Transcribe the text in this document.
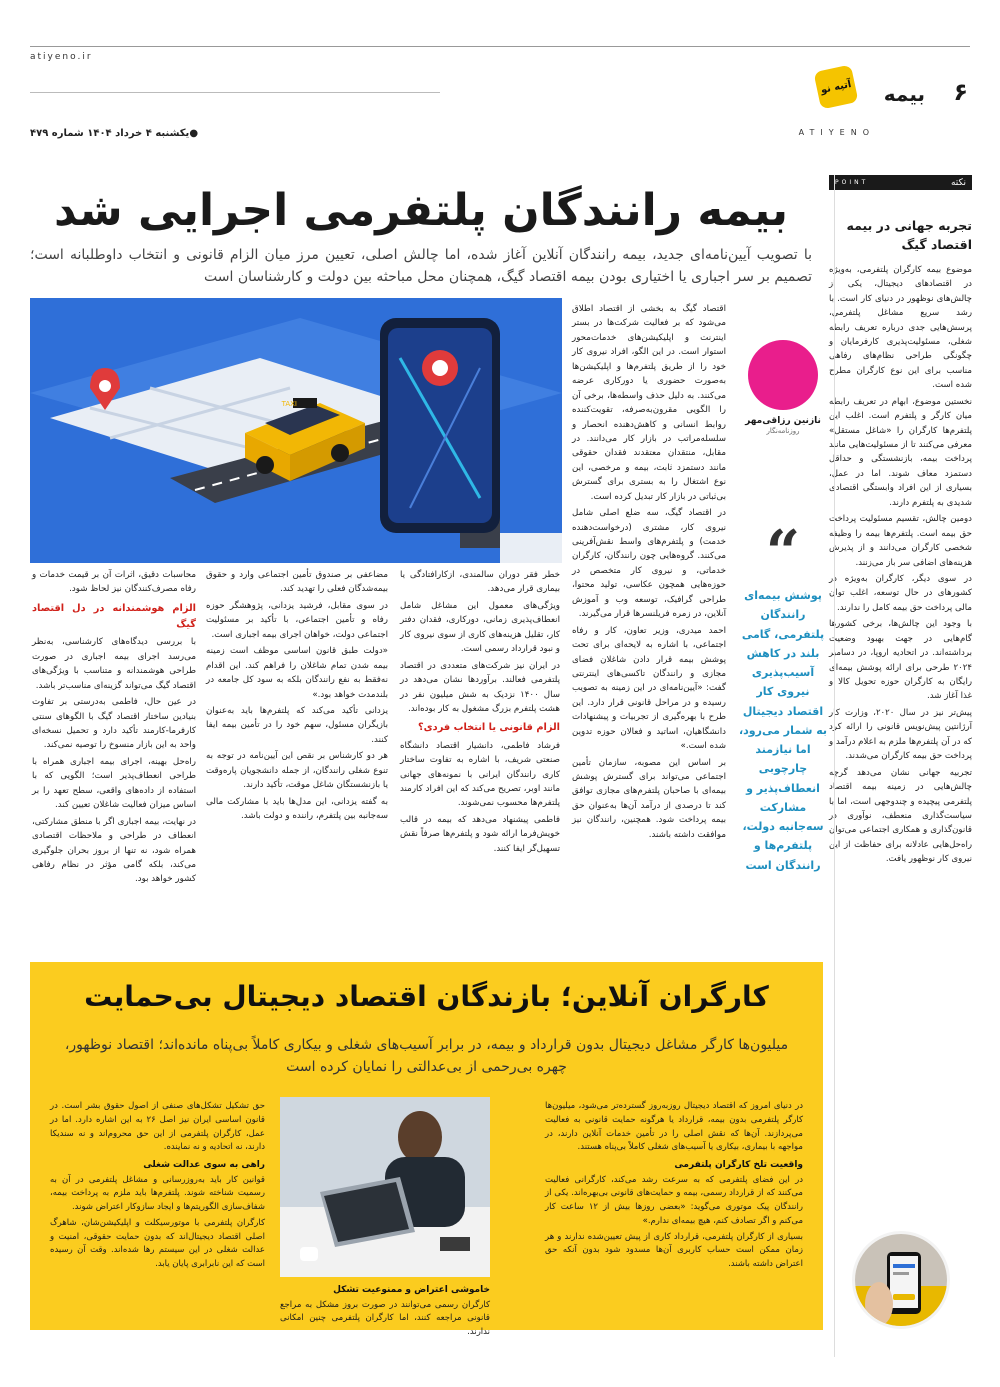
atiyeno.ir
۶
بیمه
آتیه نو
ATIYENO
●یکشنبه ۴ خرداد ۱۴۰۴ شماره ۴۷۹
نکته
POINT
تجربه جهانی در بیمه اقتصاد گیگ

موضوع بیمه کارگران پلتفرمی، به‌ویژه در اقتصادهای دیجیتال، یکی از چالش‌های نوظهور در دنیای کار است. با رشد سریع مشاغل پلتفرمی، پرسش‌هایی جدی درباره تعریف رابطه شغلی، مسئولیت‌پذیری کارفرمایان و چگونگی طراحی نظام‌های رفاهی مناسب برای این نوع کارگران مطرح شده است.

نخستین موضوع، ابهام در تعریف رابطه میان کارگر و پلتفرم است. اغلب این پلتفرم‌ها کارگران را «شاغل مستقل» معرفی می‌کنند تا از مسئولیت‌هایی مانند پرداخت بیمه، بازنشستگی و حداقل دستمزد معاف شوند. اما در عمل، بسیاری از این افراد وابستگی اقتصادی شدیدی به پلتفرم دارند.

دومین چالش، تقسیم مسئولیت پرداخت حق بیمه است. پلتفرم‌ها بیمه را وظیفه شخصی کارگران می‌دانند و از پذیرش هزینه‌های اضافی سر باز می‌زنند.

در سوی دیگر، کارگران به‌ویژه در کشورهای در حال توسعه، اغلب توان مالی پرداخت حق بیمه کامل را ندارند.

با وجود این چالش‌ها، برخی کشورها گام‌هایی در جهت بهبود وضعیت برداشته‌اند. در اتحادیه اروپا، در دسامبر ۲۰۲۴ طرحی برای ارائه پوشش بیمه‌ای رایگان به کارگران حوزه تحویل کالا و غذا آغاز شد.

پیش‌تر نیز در سال ۲۰۲۰، وزارت کار آرژانتین پیش‌نویس قانونی را ارائه کرد که در آن پلتفرم‌ها ملزم به اعلام درآمد و پرداخت حق بیمه کارگران می‌شدند.

تجربیه جهانی نشان می‌دهد گرچه چالش‌هایی در زمینه بیمه اقتصاد پلتفرمی پیچیده و چندوجهی است، اما با سیاست‌گذاری منعطف، نوآوری در قانون‌گذاری و همکاری اجتماعی می‌توان راه‌حل‌هایی عادلانه برای حفاظت از این نیروی کار نوظهور یافت.

بیمه رانندگان پلتفرمی اجرایی شد

با تصویب آیین‌نامه‌ای جدید، بیمه رانندگان آنلاین آغاز شده، اما چالش اصلی، تعیین مرز میان الزام قانونی و انتخاب داوطلبانه است؛ تصمیم بر سر اجباری یا اختیاری بودن بیمه اقتصاد گیگ، همچنان محل مباحثه بین دولت و کارشناسان است

نازنین رزاقی‌مهر
روزنامه‌نگار
“
پوشش بیمه‌ای رانندگان پلتفرمی، گامی بلند در کاهش آسیب‌پذیری نیروی کار اقتصاد دیجیتال به شمار می‌رود، اما نیازمند چارچوبی انعطاف‌پذیر و مشارکت سه‌جانبه دولت، پلتفرم‌ها و رانندگان است
TAXI

اقتصاد گیگ به بخشی از اقتصاد اطلاق می‌شود که بر فعالیت شرکت‌ها در بستر اینترنت و اپلیکیشن‌های خدمات‌محور استوار است. در این الگو، افراد نیروی کار خود را از طریق پلتفرم‌ها و اپلیکیشن‌ها به‌صورت حضوری یا دورکاری عرضه می‌کنند. به دلیل حذف واسطه‌ها، برخی آن را الگویی مقرون‌به‌صرفه، تقویت‌کننده روابط انسانی و کاهش‌دهنده انحصار و سلسله‌مراتب در بازار کار می‌دانند. در مقابل، منتقدان معتقدند فقدان حقوقی مانند دستمزد ثابت، بیمه و مرخصی، این نوع اشتغال را به بستری برای گسترش بی‌ثباتی در بازار کار تبدیل کرده است.

در اقتصاد گیگ، سه ضلع اصلی شامل نیروی کار، مشتری (درخواست‌دهنده خدمت) و پلتفرم‌های واسط نقش‌آفرینی می‌کنند. گروه‌هایی چون رانندگان، کارگران خدماتی، و نیروی کار متخصص در حوزه‌هایی همچون عکاسی، تولید محتوا، طراحی گرافیک، توسعه وب و آموزش آنلاین، در زمره فریلنسرها قرار می‌گیرند.

احمد میدری، وزیر تعاون، کار و رفاه اجتماعی، با اشاره به لایحه‌ای برای تحت پوشش بیمه قرار دادن شاغلان فضای مجازی و رانندگان تاکسی‌های اینترنتی گفت: «آیین‌نامه‌ای در این زمینه به تصویب رسیده و در مراحل قانونی قرار دارد. این طرح با بهره‌گیری از تجربیات و پیشنهادات دانشگاهیان، اساتید و فعالان حوزه تدوین شده است.»

بر اساس این مصوبه، سازمان تأمین اجتماعی می‌تواند برای گسترش پوشش بیمه‌ای با صاحبان پلتفرم‌های مجازی توافق کند تا درصدی از درآمد آن‌ها به‌عنوان حق بیمه پرداخت شود. همچنین، رانندگان نیز موافقت داشته باشند.

خطر فقر دوران سالمندی، ازکارافتادگی یا بیماری قرار می‌دهد.

ویژگی‌های معمول این مشاغل شامل انعطاف‌پذیری زمانی، دورکاری، فقدان دفتر کار، تقلیل هزینه‌های کاری از سوی نیروی کار و نبود قرارداد رسمی است.

در ایران نیز شرکت‌های متعددی در اقتصاد پلتفرمی فعالند. برآوردها نشان می‌دهد در سال ۱۴۰۰ نزدیک به شش میلیون نفر در هشت پلتفرم بزرگ مشغول به کار بوده‌اند.

الزام قانونی یا انتخاب فردی؟

فرشاد فاطمی، دانشیار اقتصاد دانشگاه صنعتی شریف، با اشاره به تفاوت ساختار کاری رانندگان ایرانی با نمونه‌های جهانی مانند اوبر، تصریح می‌کند که این افراد کارمند پلتفرم‌ها محسوب نمی‌شوند.

فاطمی پیشنهاد می‌دهد که بیمه در قالب خویش‌فرما ارائه شود و پلتفرم‌ها صرفاً نقش تسهیل‌گر ایفا کنند.

مضاعفی بر صندوق تأمین اجتماعی وارد و حقوق بیمه‌شدگان فعلی را تهدید کند.

در سوی مقابل، فرشید یزدانی، پژوهشگر حوزه رفاه و تأمین اجتماعی، با تأکید بر مسئولیت اجتماعی دولت، خواهان اجرای بیمه اجباری است.

«دولت طبق قانون اساسی موظف است زمینه بیمه شدن تمام شاغلان را فراهم کند. این اقدام نه‌فقط به نفع رانندگان بلکه به سود کل جامعه در بلندمدت خواهد بود.»

یزدانی تأکید می‌کند که پلتفرم‌ها باید به‌عنوان بازیگران مسئول، سهم خود را در تأمین بیمه ایفا کنند.

هر دو کارشناس بر نقص این آیین‌نامه در توجه به تنوع شغلی رانندگان، از جمله دانشجویان پاره‌وقت یا بازنشستگان شاغل موقت، تأکید دارند.

به گفته یزدانی، این مدل‌ها باید با مشارکت مالی سه‌جانبه بین پلتفرم، راننده و دولت باشد.

محاسبات دقیق، اثرات آن بر قیمت خدمات و رفاه مصرف‌کنندگان نیز لحاظ شود.

الزام هوشمندانه در دل اقتصاد گیگ

با بررسی دیدگاه‌های کارشناسی، به‌نظر می‌رسد اجرای بیمه اجباری در صورت طراحی هوشمندانه و متناسب با ویژگی‌های اقتصاد گیگ می‌تواند گزینه‌ای مناسب‌تر باشد.

در عین حال، فاطمی به‌درستی بر تفاوت بنیادین ساختار اقتصاد گیگ با الگوهای سنتی کارفرما-کارمند تأکید دارد و تحمیل نسخه‌ای واحد به این بازار منسوخ را توصیه نمی‌کند.

راه‌حل بهینه، اجرای بیمه اجباری همراه با طراحی انعطاف‌پذیر است؛ الگویی که با استفاده از داده‌های واقعی، سطح تعهد را بر اساس میزان فعالیت شاغلان تعیین کند.

در نهایت، بیمه اجباری اگر با منطق مشارکتی، انعطاف در طراحی و ملاحظات اقتصادی همراه شود، نه تنها از بروز بحران جلوگیری می‌کند، بلکه گامی مؤثر در نظام رفاهی کشور خواهد بود.

کارگران آنلاین؛ بازندگان اقتصاد دیجیتال بی‌حمایت

میلیون‌ها کارگر مشاغل دیجیتال بدون قرارداد و بیمه، در برابر آسیب‌های شغلی و بیکاری کاملاً بی‌پناه مانده‌اند؛ اقتصاد نوظهور، چهره بی‌رحمی از بی‌عدالتی را نمایان کرده است

در دنیای امروز که اقتصاد دیجیتال روزبه‌روز گسترده‌تر می‌شود، میلیون‌ها کارگر پلتفرمی بدون بیمه، قرارداد یا هرگونه حمایت قانونی به فعالیت می‌پردازند. آن‌ها که نقش اصلی را در تأمین خدمات آنلاین دارند، در مواجهه با بیماری، بیکاری یا آسیب‌های شغلی کاملاً بی‌پناه هستند.

واقعیت تلخ کارگران پلتفرمی

در این فضای پلتفرمی که به سرعت رشد می‌کند، کارگرانی فعالیت می‌کنند که از قرارداد رسمی، بیمه و حمایت‌های قانونی بی‌بهره‌اند. یکی از رانندگان پیک موتوری می‌گوید: «بعضی روزها بیش از ۱۲ ساعت کار می‌کنم و اگر تصادف کنم، هیچ بیمه‌ای ندارم.»

بسیاری از کارگران پلتفرمی، قرارداد کاری از پیش تعیین‌شده ندارند و هر زمان ممکن است حساب کاربری آن‌ها مسدود شود بدون آنکه حق اعتراض داشته باشند.

خاموشی اعتراض و ممنوعیت تشکل

کارگران رسمی می‌توانند در صورت بروز مشکل به مراجع قانونی مراجعه کنند، اما کارگران پلتفرمی چنین امکانی ندارند.

حق تشکیل تشکل‌های صنفی از اصول حقوق بشر است. در قانون اساسی ایران نیز اصل ۲۶ به این اشاره دارد. اما در عمل، کارگران پلتفرمی از این حق محروم‌اند و نه سندیکا دارند، نه اتحادیه و نه نماینده.

راهی به سوی عدالت شغلی

قوانین کار باید به‌روزرسانی و مشاغل پلتفرمی در آن به رسمیت شناخته شوند. پلتفرم‌ها باید ملزم به پرداخت بیمه، شفاف‌سازی الگوریتم‌ها و ایجاد سازوکار اعتراض شوند.

کارگران پلتفرمی با موتورسیکلت و اپلیکیشن‌شان، شاهرگ اصلی اقتصاد دیجیتال‌اند که بدون حمایت حقوقی، امنیت و عدالت شغلی در این سیستم رها شده‌اند. وقت آن رسیده است که این نابرابری پایان یابد.
